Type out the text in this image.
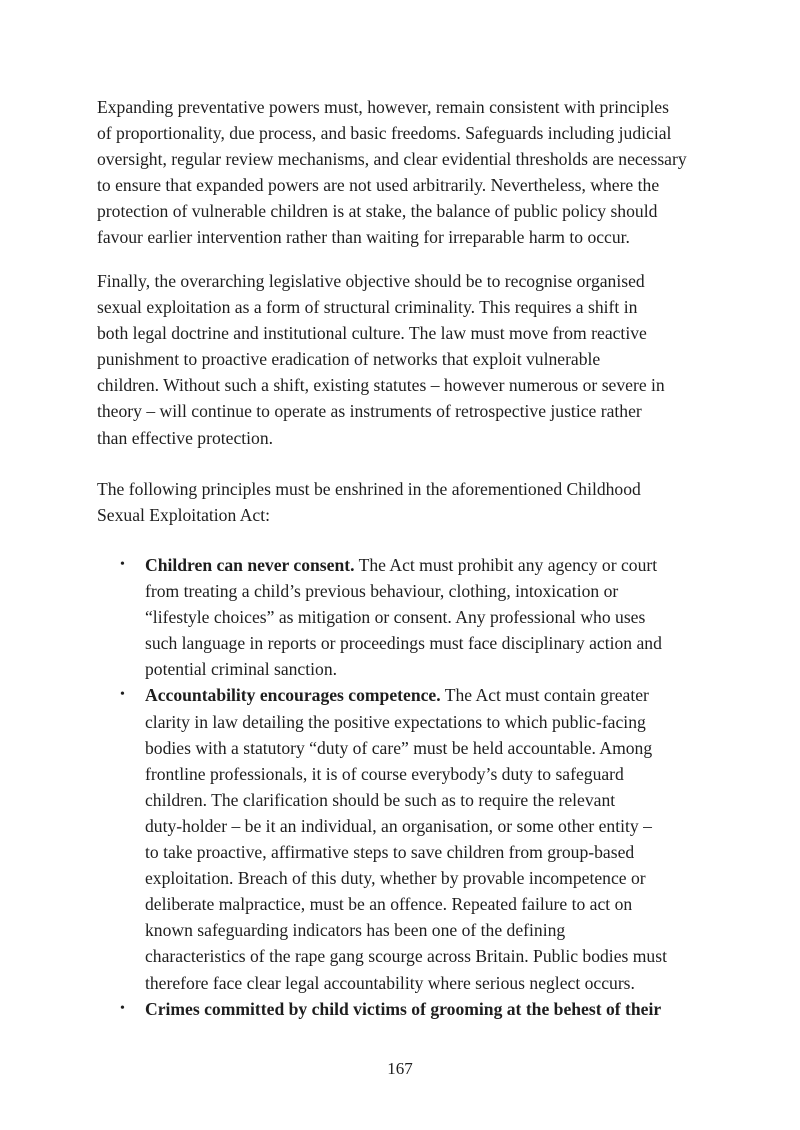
Expanding preventative powers must, however, remain consistent with principles
of proportionality, due process, and basic freedoms. Safeguards including judicial
oversight, regular review mechanisms, and clear evidential thresholds are necessary
to ensure that expanded powers are not used arbitrarily. Nevertheless, where the
protection of vulnerable children is at stake, the balance of public policy should
favour earlier intervention rather than waiting for irreparable harm to occur.

Finally, the overarching legislative objective should be to recognise organised
sexual exploitation as a form of structural criminality. This requires a shift in
both legal doctrine and institutional culture. The law must move from reactive
punishment to proactive eradication of networks that exploit vulnerable
children. Without such a shift, existing statutes – however numerous or severe in
theory – will continue to operate as instruments of retrospective justice rather
than effective protection.

The following principles must be enshrined in the aforementioned Childhood
Sexual Exploitation Act:

• Children can never consent. The Act must prohibit any agency or court
from treating a child’s previous behaviour, clothing, intoxication or
“lifestyle choices” as mitigation or consent. Any professional who uses
such language in reports or proceedings must face disciplinary action and
potential criminal sanction.
• Accountability encourages competence. The Act must contain greater
clarity in law detailing the positive expectations to which public-facing
bodies with a statutory “duty of care” must be held accountable. Among
frontline professionals, it is of course everybody’s duty to safeguard
children. The clarification should be such as to require the relevant
duty-holder – be it an individual, an organisation, or some other entity –
to take proactive, affirmative steps to save children from group-based
exploitation. Breach of this duty, whether by provable incompetence or
deliberate malpractice, must be an offence. Repeated failure to act on
known safeguarding indicators has been one of the defining
characteristics of the rape gang scourge across Britain. Public bodies must
therefore face clear legal accountability where serious neglect occurs.
• Crimes committed by child victims of grooming at the behest of their
167
